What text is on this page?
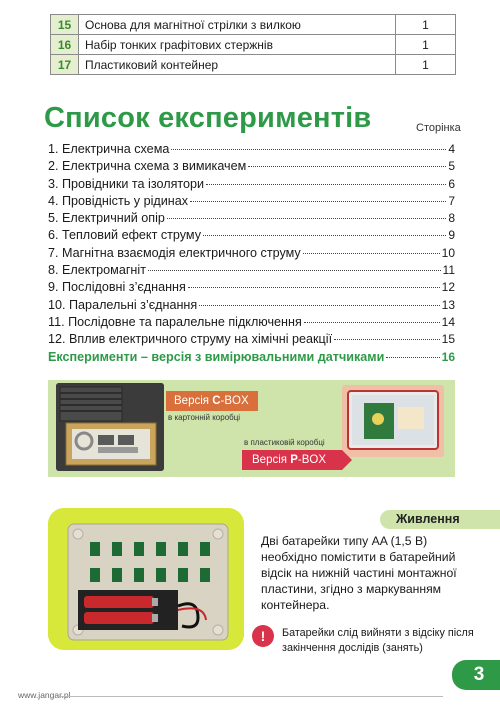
15	Основа для магнітної стрілки з вилкою	1
16	Набір тонких графітових стержнів	1
17	Пластиковий контейнер	1
Список експериментів	Сторінка
1. Електрична схема	4
2. Електрична схема з вимикачем	5
3. Провідники та ізолятори	6
4. Провідність у рідинах	7
5. Електричний опір	8
6. Тепловий ефект струму	9
7. Магнітна взаємодія електричного струму	10
8. Електромагніт	11
9. Послідовні з’єднання	12
10. Паралельні з’єднання	13
11. Послідовне та паралельне підключення	14
12. Вплив електричного струму на хімічні реакції	15
Експерименти – версія з вимірювальними датчиками	16
Версія C-BOX
в картонній коробці
в пластиковій коробці
Версія P-BOX
Живлення
Дві батарейки типу AA (1,5 В) необхідно помістити в батарейний відсік на нижній частині монтажної пластини, згідно з маркуванням контейнера.
!	Батарейки слід вийняти з відсіку після закінчення дослідів (занять)
www.jangar.pl
3
